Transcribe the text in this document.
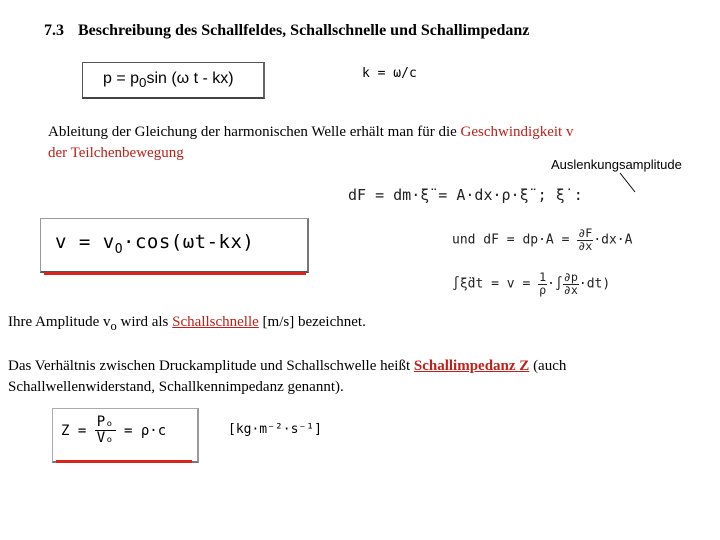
7.3 Beschreibung des Schallfeldes, Schallschnelle und Schallimpedanz
$p = p_0\sin$ (ω t - kx)	k = ω/c
Ableitung der Gleichung der harmonischen Welle erhält man für die Geschwindigkeit v
der Teilchenbewegung
Auslenkungsamplitude
$v = v_O\cdot\cos(\omega t-kx)$
dF = dm·ξ̈ = A·dx·ρ·ξ̈ ; ξ̇ :
und dF = $dp\cdot A = \frac{\partial F}{\partial x} \cdot dx\cdot A$
∫ξ̈dt = $v = \frac{1}{\rho}$ ·∫ $\frac{\partial p}{\partial x} \cdot dt$)
Ihre Amplitude $v_o$ wird als Schallschnelle [m/s] bezeichnet.
Das Verhältnis zwischen Druckamplitude und Schallschwelle heißt Schallimpedanz Z (auch Schallwellenwiderstand, Schallkennimpedanz genannt).
$Z = \frac{\text{Pₒ}}{\text{Vₒ}} = \rho\cdot c$	[kg·m⁻²·s⁻¹]
